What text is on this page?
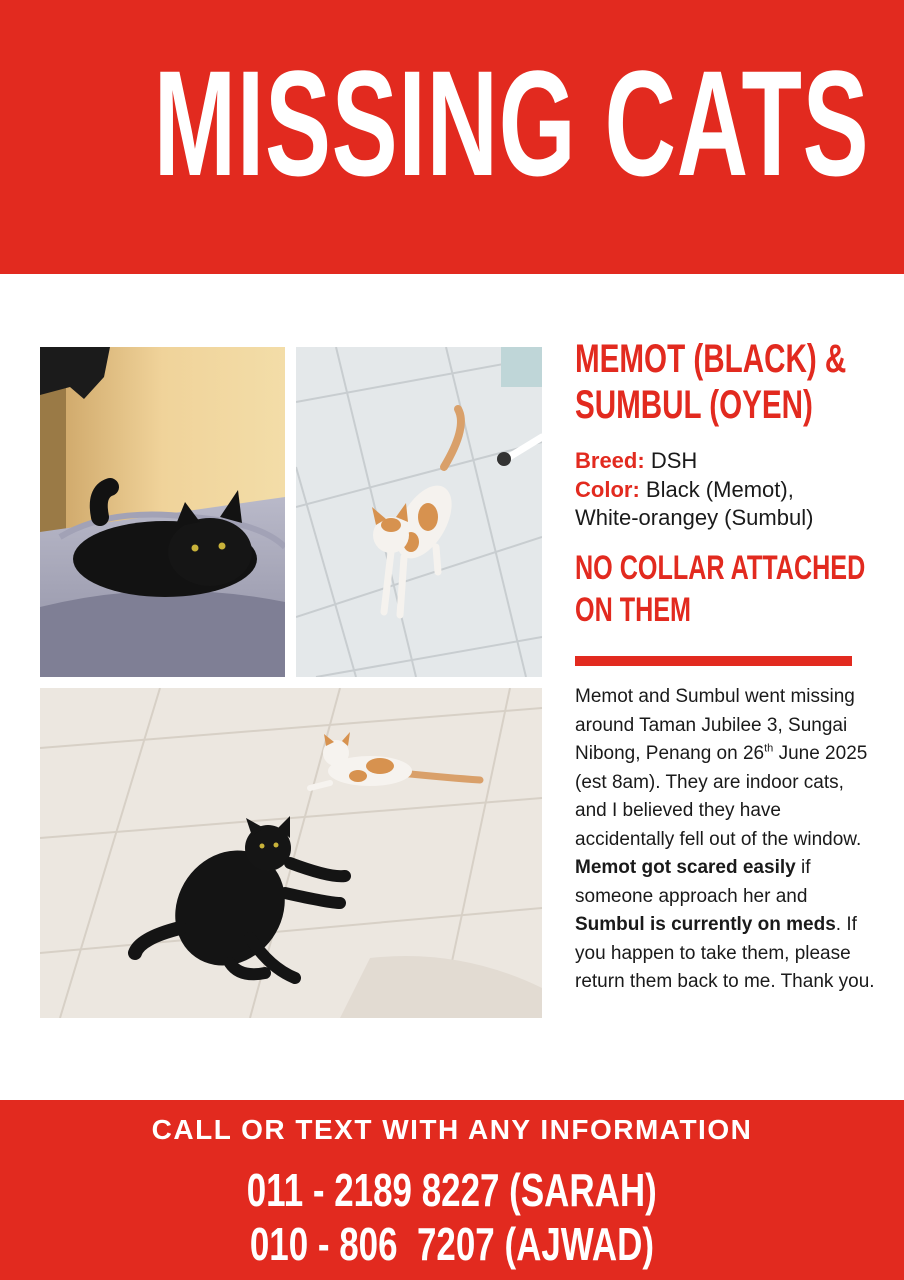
MISSING CATS
MEMOT (BLACK) &
SUMBUL (OYEN)
Breed: DSH
Color: Black (Memot),
White-orangey (Sumbul)
NO COLLAR ATTACHED
ON THEM
Memot and Sumbul went missing around Taman Jubilee 3, Sungai Nibong, Penang on 26th June 2025 (est 8am). They are indoor cats, and I believed they have accidentally fell out of the window. Memot got scared easily if someone approach her and Sumbul is currently on meds. If you happen to take them, please return them back to me. Thank you.
CALL OR TEXT WITH ANY INFORMATION
011 - 2189 8227 (SARAH)
010 - 806  7207 (AJWAD)
